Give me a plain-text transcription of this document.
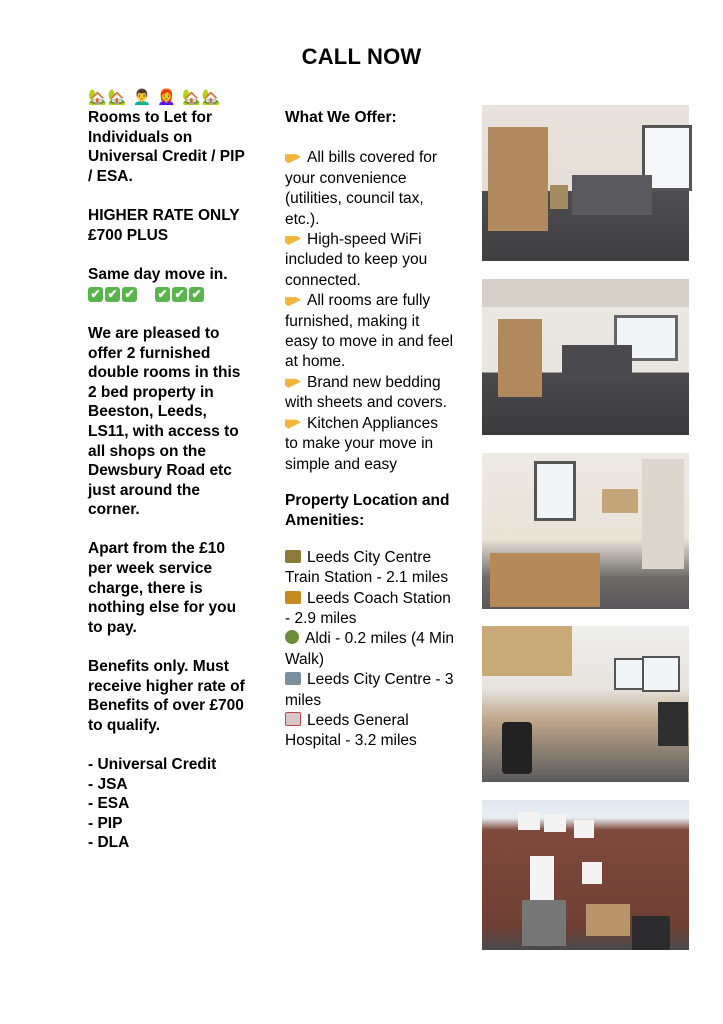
CALL NOW
🏡🏡 👨‍🦱 👩‍🦰 🏡🏡

Rooms to Let for Individuals on Universal Credit / PIP / ESA.

HIGHER RATE ONLY £700 PLUS

Same day move in.

✔ ✔ ✔ ✔ ✔ ✔

We are pleased to offer 2 furnished double rooms in this 2 bed property in Beeston, Leeds, LS11, with access to all shops on the Dewsbury Road etc just around the corner.

Apart from the £10 per week service charge, there is nothing else for you to pay.

Benefits only. Must receive higher rate of Benefits of over £700 to qualify.

- Universal Credit

- JSA

- ESA

- PIP

- DLA

What We Offer:

All bills covered for your convenience (utilities, council tax, etc.).

High-speed WiFi included to keep you connected.

All rooms are fully furnished, making it easy to move in and feel at home.

Brand new bedding with sheets and covers.

Kitchen Appliances to make your move in simple and easy

Property Location and Amenities:

Leeds City Centre Train Station - 2.1 miles

Leeds Coach Station - 2.9 miles

Aldi - 0.2 miles (4 Min Walk)

Leeds City Centre - 3 miles

Leeds General Hospital - 3.2 miles
